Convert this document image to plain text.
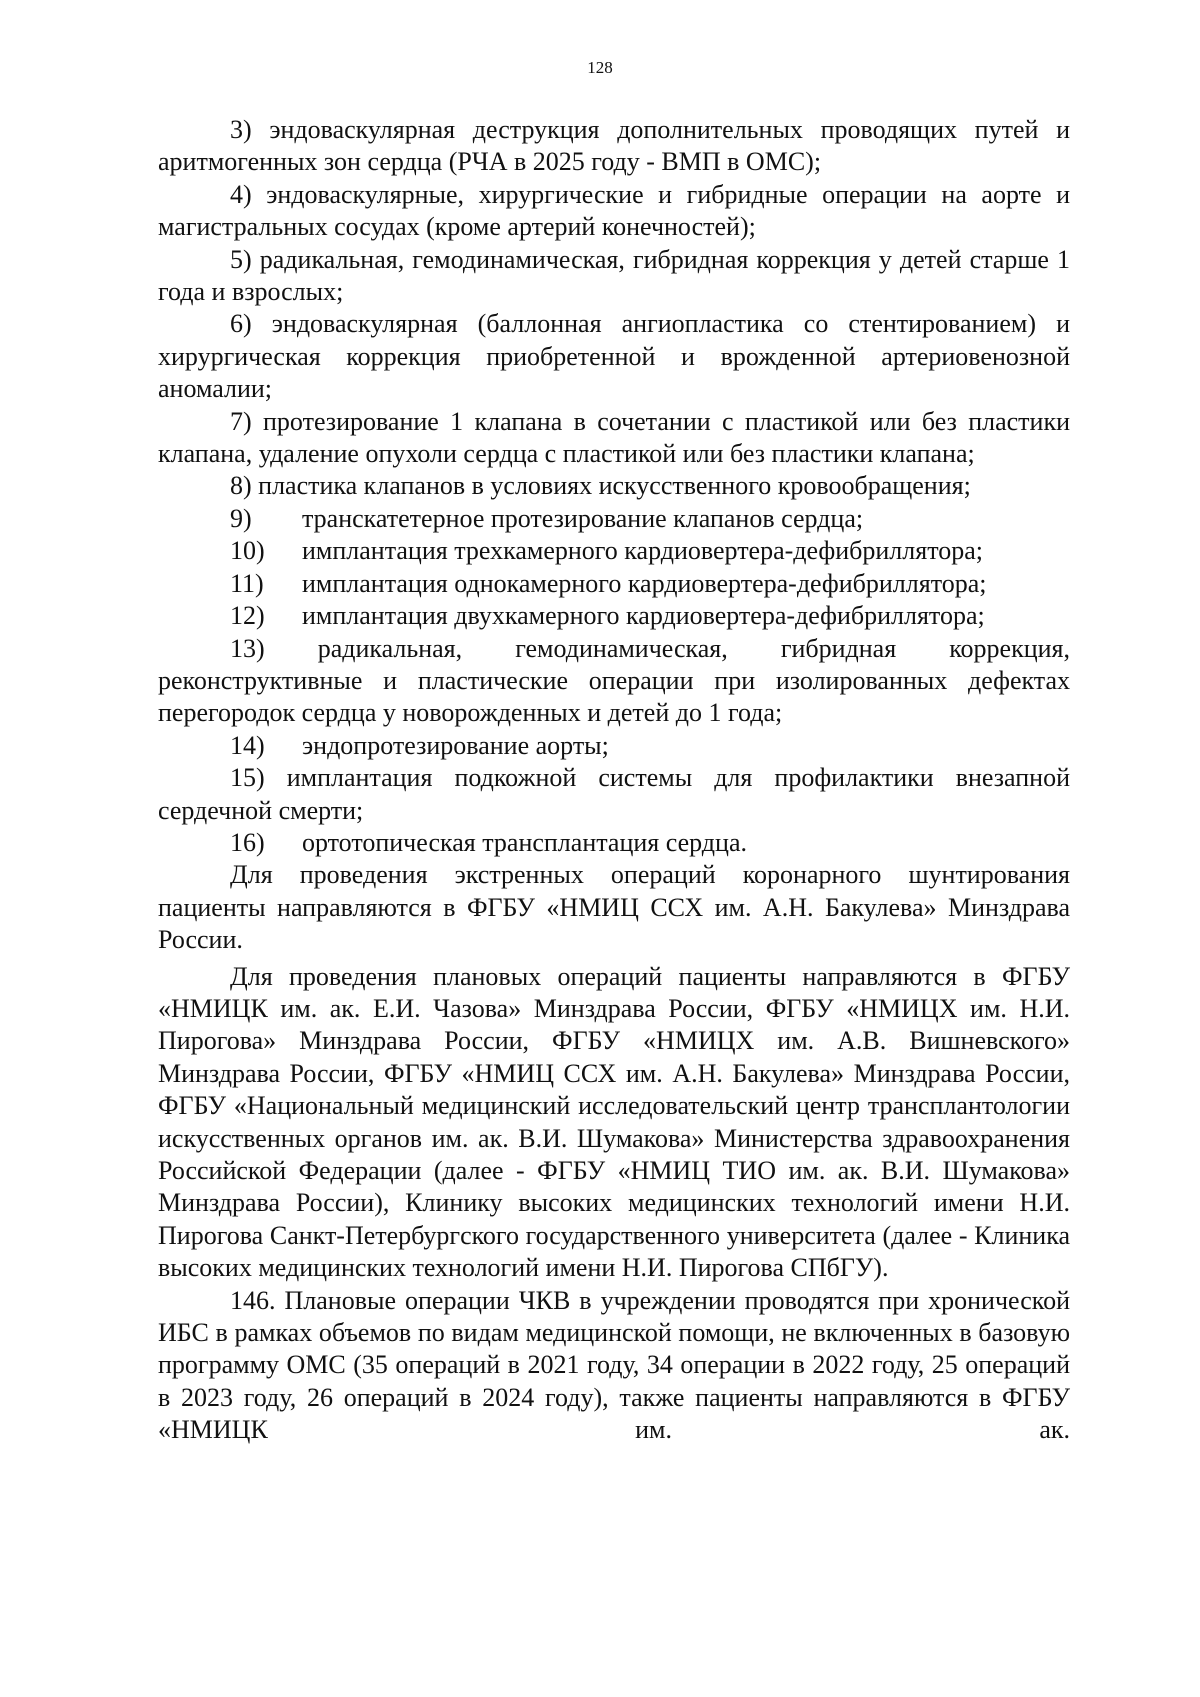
128

3) эндоваскулярная деструкция дополнительных проводящих путей и аритмогенных зон сердца (РЧА в 2025 году - ВМП в ОМС);

4) эндоваскулярные, хирургические и гибридные операции на аорте и магистральных сосудах (кроме артерий конечностей);

5) радикальная, гемодинамическая, гибридная коррекция у детей старше 1 года и взрослых;

6) эндоваскулярная (баллонная ангиопластика со стентированием) и хирургическая коррекция приобретенной и врожденной артериовенозной аномалии;

7) протезирование 1 клапана в сочетании с пластикой или без пластики клапана, удаление опухоли сердца с пластикой или без пластики клапана;

8) пластика клапанов в условиях искусственного кровообращения;

9) транскатетерное протезирование клапанов сердца;

10) имплантация трехкамерного кардиовертера-дефибриллятора;

11) имплантация однокамерного кардиовертера-дефибриллятора;

12) имплантация двухкамерного кардиовертера-дефибриллятора;

13) радикальная, гемодинамическая, гибридная коррекция, реконструктивные и пластические операции при изолированных дефектах перегородок сердца у новорожденных и детей до 1 года;

14) эндопротезирование аорты;

15) имплантация подкожной системы для профилактики внезапной сердечной смерти;

16) ортотопическая трансплантация сердца.

Для проведения экстренных операций коронарного шунтирования пациенты направляются в ФГБУ «НМИЦ ССХ им. А.Н. Бакулева» Минздрава России.

Для проведения плановых операций пациенты направляются в ФГБУ «НМИЦК им. ак. Е.И. Чазова» Минздрава России, ФГБУ «НМИЦХ им. Н.И. Пирогова» Минздрава России, ФГБУ «НМИЦХ им. А.В. Вишневского» Минздрава России, ФГБУ «НМИЦ ССХ им. А.Н. Бакулева» Минздрава России, ФГБУ «Национальный медицинский исследовательский центр трансплантологии искусственных органов им. ак. В.И. Шумакова» Министерства здравоохранения Российской Федерации (далее - ФГБУ «НМИЦ ТИО им. ак. В.И. Шумакова» Минздрава России), Клинику высоких медицинских технологий имени Н.И. Пирогова Санкт-Петербургского государственного университета (далее - Клиника высоких медицинских технологий имени Н.И. Пирогова СПбГУ).

146. Плановые операции ЧКВ в учреждении проводятся при хронической ИБС в рамках объемов по видам медицинской помощи, не включенных в базовую программу ОМС (35 операций в 2021 году, 34 операции в 2022 году, 25 операций в 2023 году, 26 операций в 2024 году), также пациенты направляются в ФГБУ «НМИЦК им. ак.
